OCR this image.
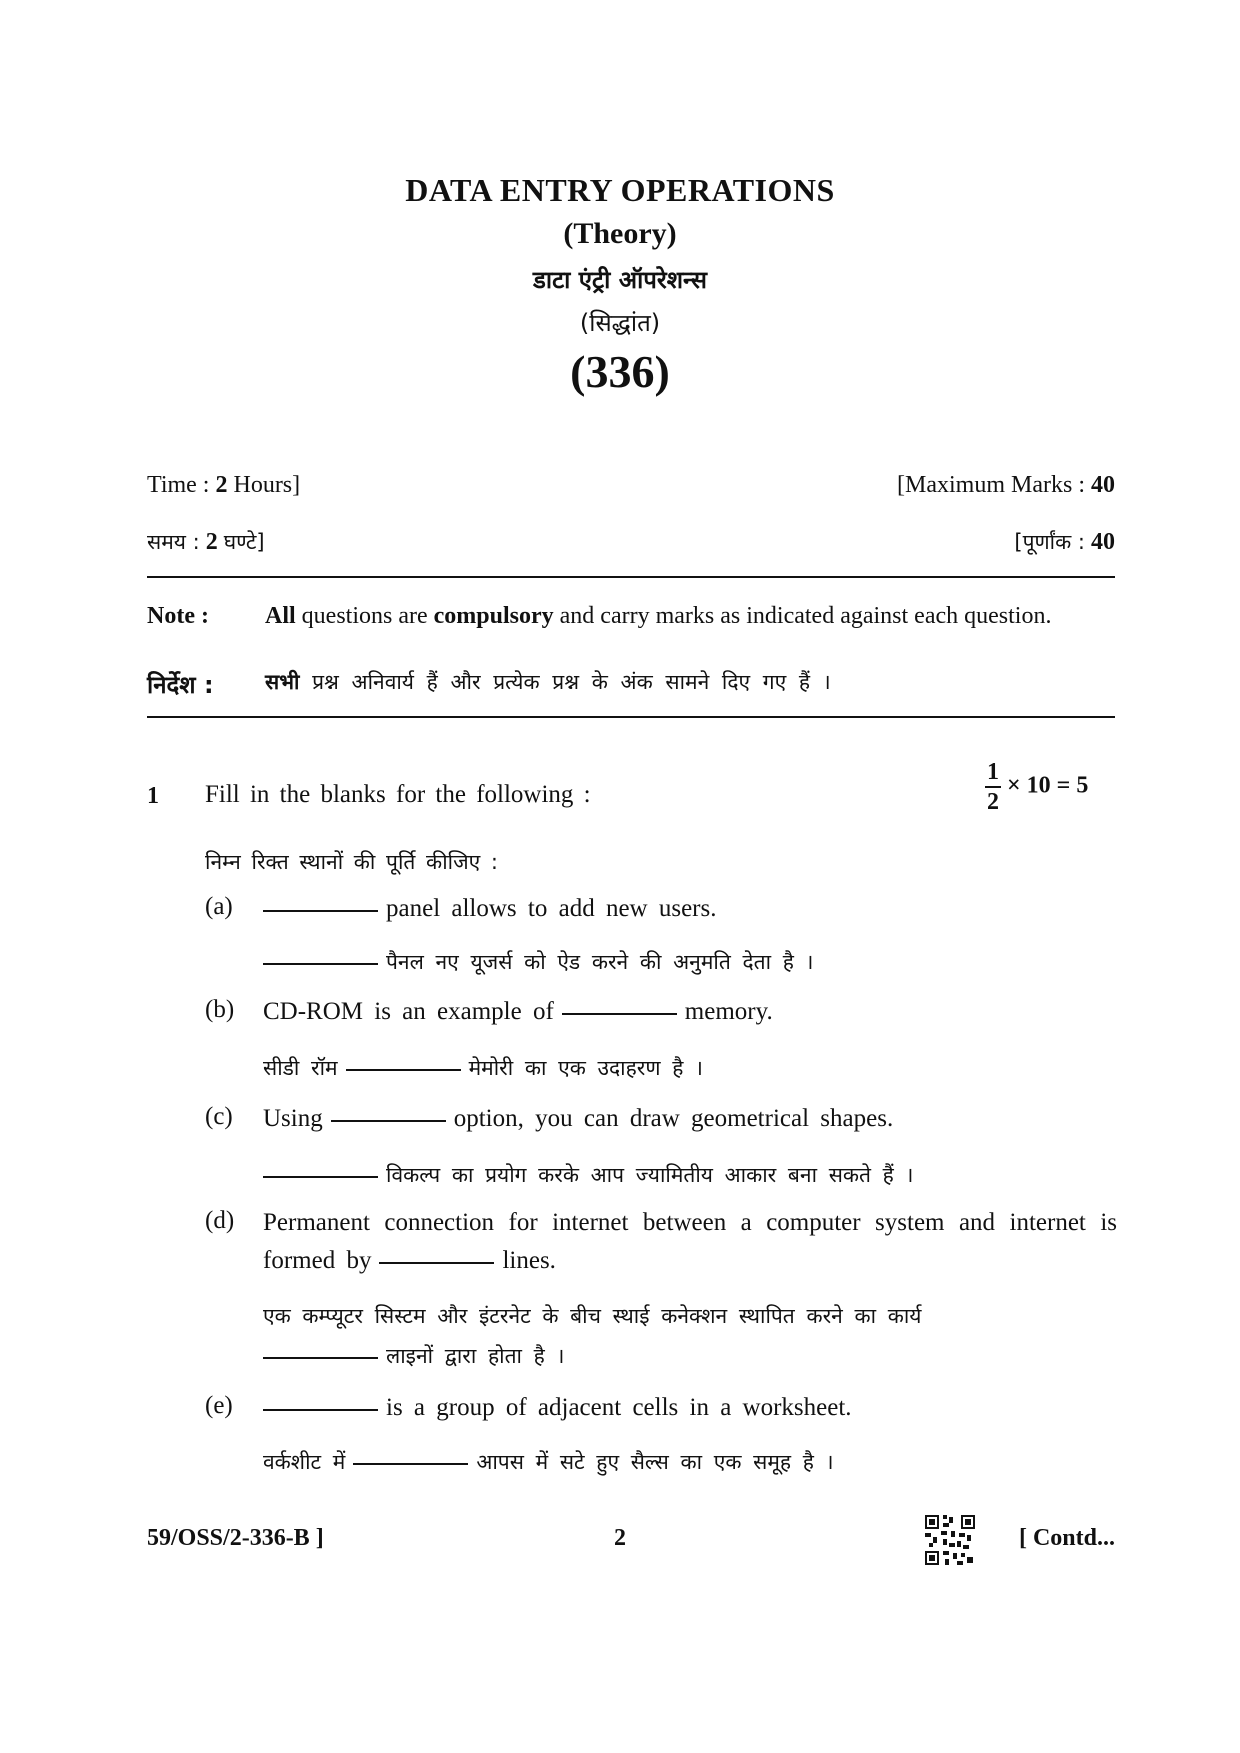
DATA ENTRY OPERATIONS
(Theory)
डाटा एंट्री ऑपरेशन्स
(सिद्धांत)
(336)
Time : 2 Hours]	[Maximum Marks : 40
समय : 2 घण्टे]	[पूर्णांक : 40
Note : All questions are compulsory and carry marks as indicated against each question.
निर्देश : सभी प्रश्न अनिवार्य हैं और प्रत्येक प्रश्न के अंक सामने दिए गए हैं ।
1 Fill in the blanks for the following :	$\frac{1}{2} \times 10 = 5$
निम्न रिक्त स्थानों की पूर्ति कीजिए :
(a)	panel allows to add new users.
पैनल नए यूजर्स को ऐड करने की अनुमति देता है ।
(b) CD-ROM is an example of	memory.
सीडी रॉम	मेमोरी का एक उदाहरण है ।
(c) Using	option, you can draw geometrical shapes.
विकल्प का प्रयोग करके आप ज्यामितीय आकार बना सकते हैं ।
(d) Permanent connection for internet between a computer system and internet is formed by	lines.
एक कम्प्यूटर सिस्टम और इंटरनेट के बीच स्थाई कनेक्शन स्थापित करने का कार्य
लाइनों द्वारा होता है ।
(e)	is a group of adjacent cells in a worksheet.
वर्कशीट में	आपस में सटे हुए सैल्स का एक समूह है ।
59/OSS/2-336-B ]	2	[ Contd...
